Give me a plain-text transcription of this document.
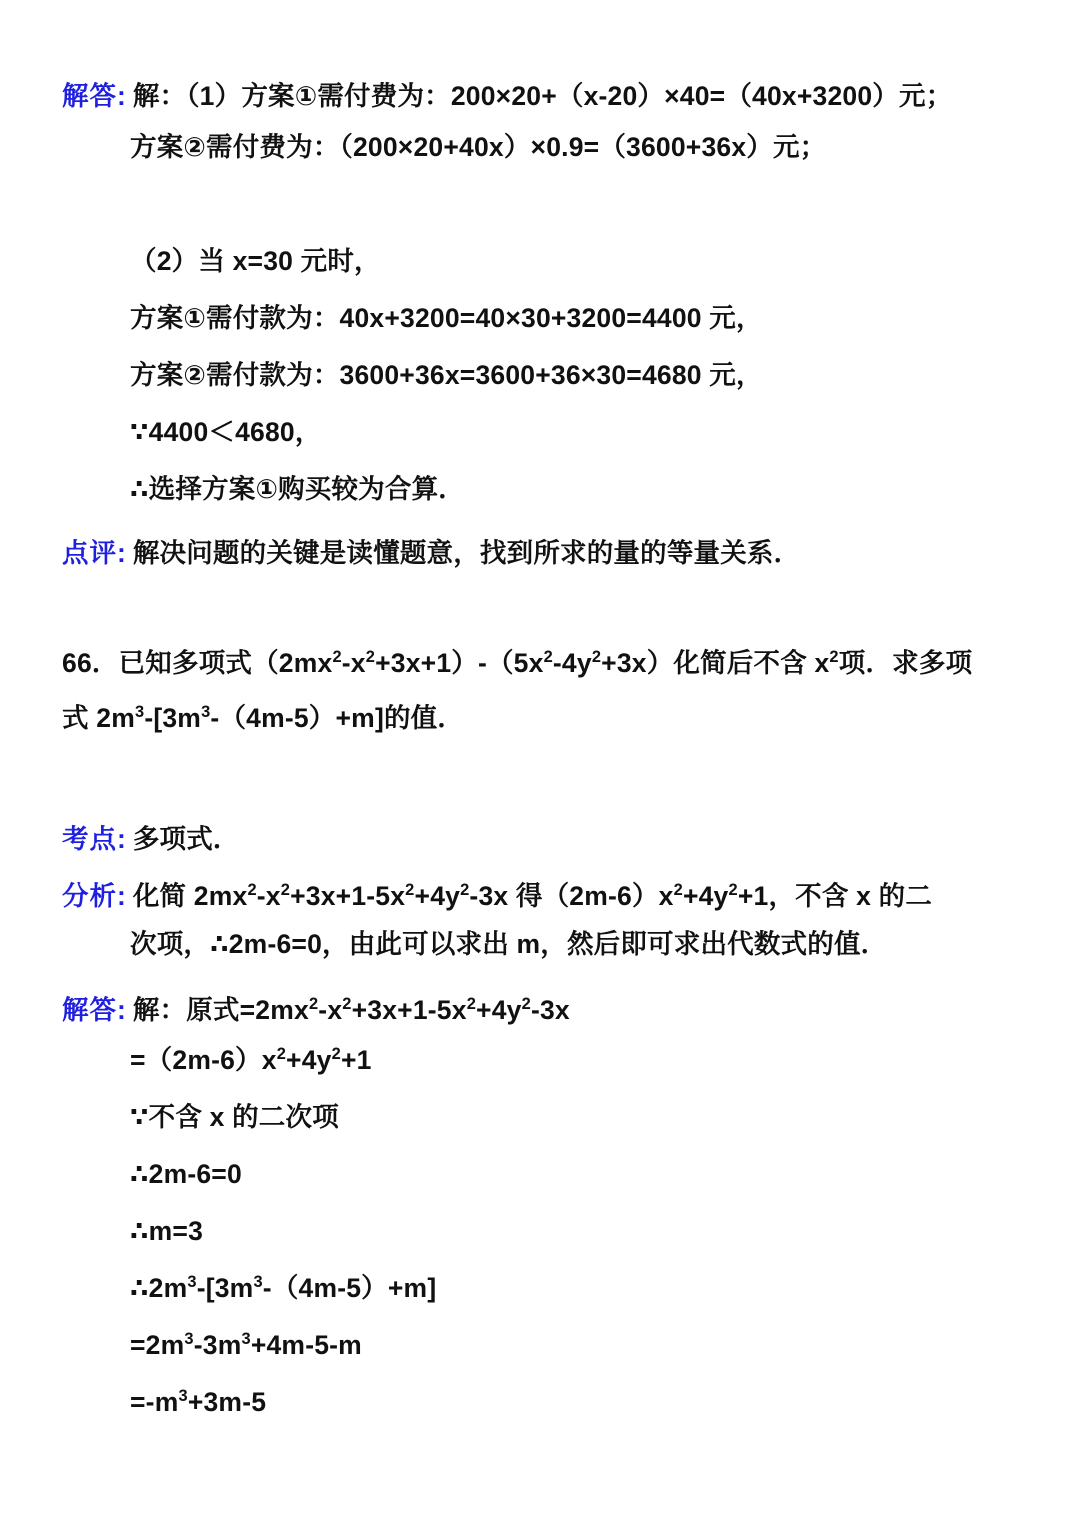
解答: 解：（1）方案①需付费为：200×20+（x‑20）×40=（40x+3200）元；
方案②需付费为：（200×20+40x）×0.9=（3600+36x）元；
（2）当 x=30 元时，
方案①需付款为：40x+3200=40×30+3200=4400 元，
方案②需付款为：3600+36x=3600+36×30=4680 元，
∵4400＜4680，
∴选择方案①购买较为合算．
点评: 解决问题的关键是读懂题意，找到所求的量的等量关系．
66．已知多项式$(2mx^2‑x^2+3x+1)‑(5x^2‑4y^2+3x)$化简后不含 $x^2$项．求多项
式 $2m^3‑[3m^3‑(4m‑5)+m]$的值．
考点: 多项式．
分析: 化简 $2mx^2‑x^2+3x+1‑5x^2+4y^2‑3x$ 得$(2m‑6)x^2+4y^2+1$，不含 x 的二
次项，∴2m‑6=0，由此可以求出 m，然后即可求出代数式的值．
解答: 解：原式$=2mx^2‑x^2+3x+1‑5x^2+4y^2‑3x$
$=(2m‑6)x^2+4y^2+1$
∵不含 x 的二次项
∴2m‑6=0
∴m=3
$\therefore 2m^3‑[3m^3‑(4m‑5)+m]$
$=2m^3‑3m^3+4m‑5‑m$
$=‑m^3+3m‑5$
